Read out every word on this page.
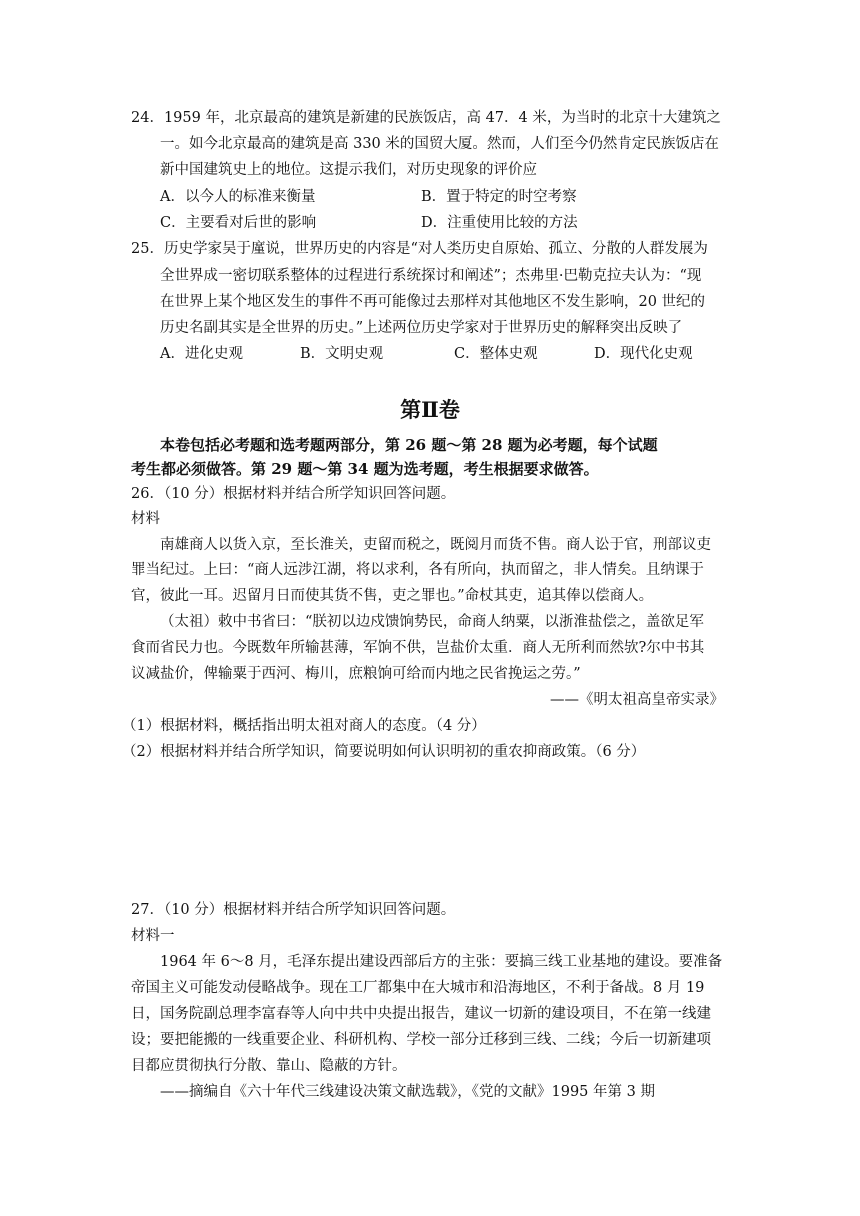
24．1959 年，北京最高的建筑是新建的民族饭店，高 47．4 米，为当时的北京十大建筑之
一。如今北京最高的建筑是高 330 米的国贸大厦。然而，人们至今仍然肯定民族饭店在
新中国建筑史上的地位。这提示我们，对历史现象的评价应
A．以今人的标准来衡量	B．置于特定的时空考察
C．主要看对后世的影响	D．注重使用比较的方法
25．历史学家吴于廑说，世界历史的内容是“对人类历史自原始、孤立、分散的人群发展为
全世界成一密切联系整体的过程进行系统探讨和阐述”；杰弗里·巴勒克拉夫认为：“现
在世界上某个地区发生的事件不再可能像过去那样对其他地区不发生影响，20 世纪的
历史名副其实是全世界的历史。”上述两位历史学家对于世界历史的解释突出反映了
A．进化史观	B．文明史观	C．整体史观	D．现代化史观
第Ⅱ卷
本卷包括必考题和选考题两部分，第 26 题～第 28 题为必考题，每个试题
考生都必须做答。第 29 题～第 34 题为选考题，考生根据要求做答。
26．（10 分）根据材料并结合所学知识回答问题。
材料
南雄商人以货入京，至长淮关，吏留而税之，既阅月而货不售。商人讼于官，刑部议吏
罪当纪过。上曰：“商人远涉江湖，将以求利，各有所向，执而留之，非人情矣。且纳课于
官，彼此一耳。迟留月日而使其货不售，吏之罪也。”命杖其吏，追其俸以偿商人。
（太祖）敕中书省曰：“朕初以边戍馈饷势民，命商人纳粟，以浙淮盐偿之，盖欲足军
食而省民力也。今既数年所输甚薄，军饷不供，岂盐价太重．商人无所利而然欤?尔中书其
议减盐价，俾输粟于西河、梅川，庶粮饷可给而内地之民省挽运之劳。”
——《明太祖高皇帝实录》
（1）根据材料，概括指出明太祖对商人的态度。（4 分）
（2）根据材料并结合所学知识，简要说明如何认识明初的重农抑商政策。（6 分）
27．（10 分）根据材料并结合所学知识回答问题。
材料一
1964 年 6～8 月，毛泽东提出建设西部后方的主张：要搞三线工业基地的建设。要准备
帝国主义可能发动侵略战争。现在工厂都集中在大城市和沿海地区，不利于备战。8 月 19
日，国务院副总理李富春等人向中共中央提出报告，建议一切新的建设项目，不在第一线建
设；要把能搬的一线重要企业、科研机构、学校一部分迁移到三线、二线；今后一切新建项
目都应贯彻执行分散、靠山、隐蔽的方针。
——摘编自《六十年代三线建设决策文献选载》，《党的文献》1995 年第 3 期
